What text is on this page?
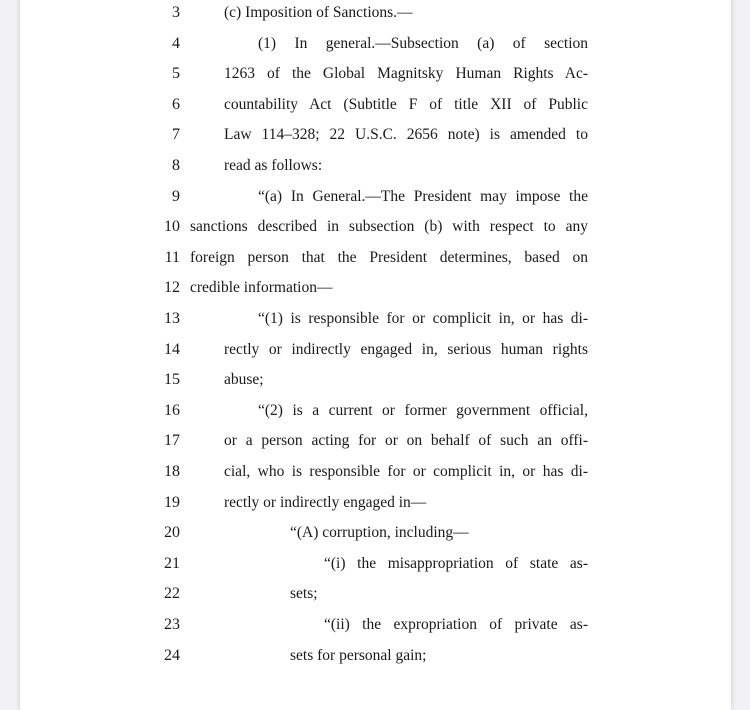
3	(c) Imposition of Sanctions.—
4	(1) In general.—Subsection (a) of section
5	1263 of the Global Magnitsky Human Rights Ac-
6	countability Act (Subtitle F of title XII of Public
7	Law 114–328; 22 U.S.C. 2656 note) is amended to
8	read as follows:
9	“(a) In General.—The President may impose the
10 sanctions described in subsection (b) with respect to any
11 foreign person that the President determines, based on
12 credible information—
13	“(1) is responsible for or complicit in, or has di-
14	rectly or indirectly engaged in, serious human rights
15	abuse;
16	“(2) is a current or former government official,
17	or a person acting for or on behalf of such an offi-
18	cial, who is responsible for or complicit in, or has di-
19	rectly or indirectly engaged in—
20	“(A) corruption, including—
21	“(i) the misappropriation of state as-
22	sets;
23	“(ii) the expropriation of private as-
24	sets for personal gain;
